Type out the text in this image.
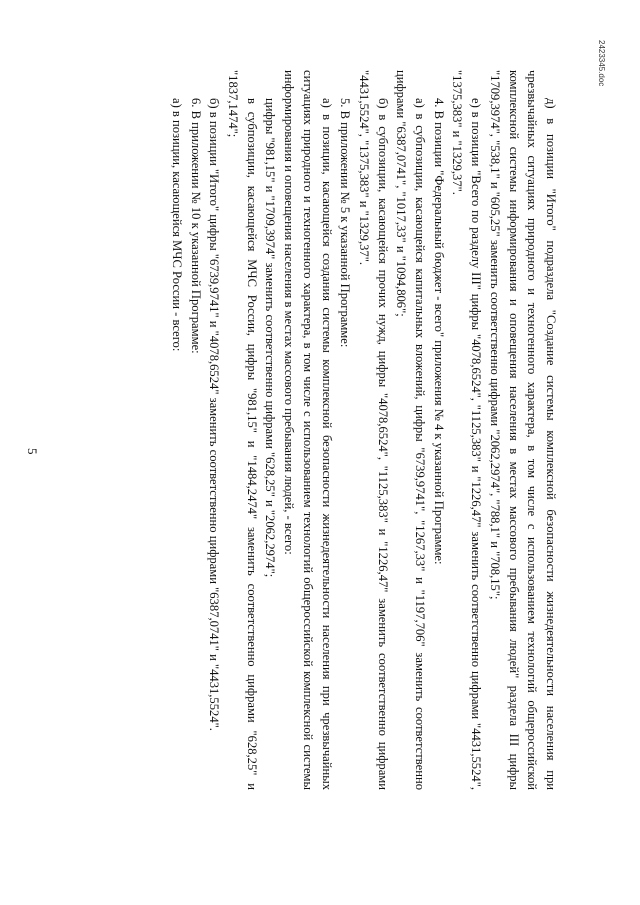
5	д) в позиции "Итого" подраздела "Создание системы комплексной безопасности жизнедеятельности населения при чрезвычайных ситуациях природного и техногенного характера, в том числе с использованием технологий общероссийской комплексной системы информирования и оповещения населения в местах массового пребывания людей" раздела III цифры "1709,3974", "538,1" и "605,25" заменить соответственно цифрами "2062,2974", "788,1" и "708,15";

е) в позиции "Всего по разделу III" цифры "4078,6524", "1125,383" и "1226,47" заменить соответственно цифрами "4431,5524", "1375,383" и "1329,37".

4. В позиции "Федеральный бюджет - всего" приложения № 4 к указанной Программе:

а) в субпозиции, касающейся капитальных вложений, цифры "6739,9741", "1267,33" и "1197,706" заменить соответственно цифрами "6387,0741", "1017,33" и "1094,806";

б) в субпозиции, касающейся прочих нужд, цифры "4078,6524", "1125,383" и "1226,47" заменить соответственно цифрами "4431,5524", "1375,383" и "1329,37".

5. В приложении № 5 к указанной Программе:

а) в позиции, касающейся создания системы комплексной безопасности жизнедеятельности населения при чрезвычайных ситуациях природного и техногенного характера, в том числе с использованием технологий общероссийской комплексной системы информирования и оповещения населения в местах массового пребывания людей, - всего:

цифры "981,15" и "1709,3974" заменить соответственно цифрами "628,25" и "2062,2974";

в субпозиции, касающейся МЧС России, цифры "981,15" и "1484,2474" заменить соответственно цифрами "628,25" и "1837,1474";

б) в позиции "Итого" цифры "6739,9741" и "4078,6524" заменить соответственно цифрами "6387,0741" и "4431,5524".

6. В приложении № 10 к указанной Программе:

а) в позиции, касающейся МЧС России - всего:

2423345.doc
